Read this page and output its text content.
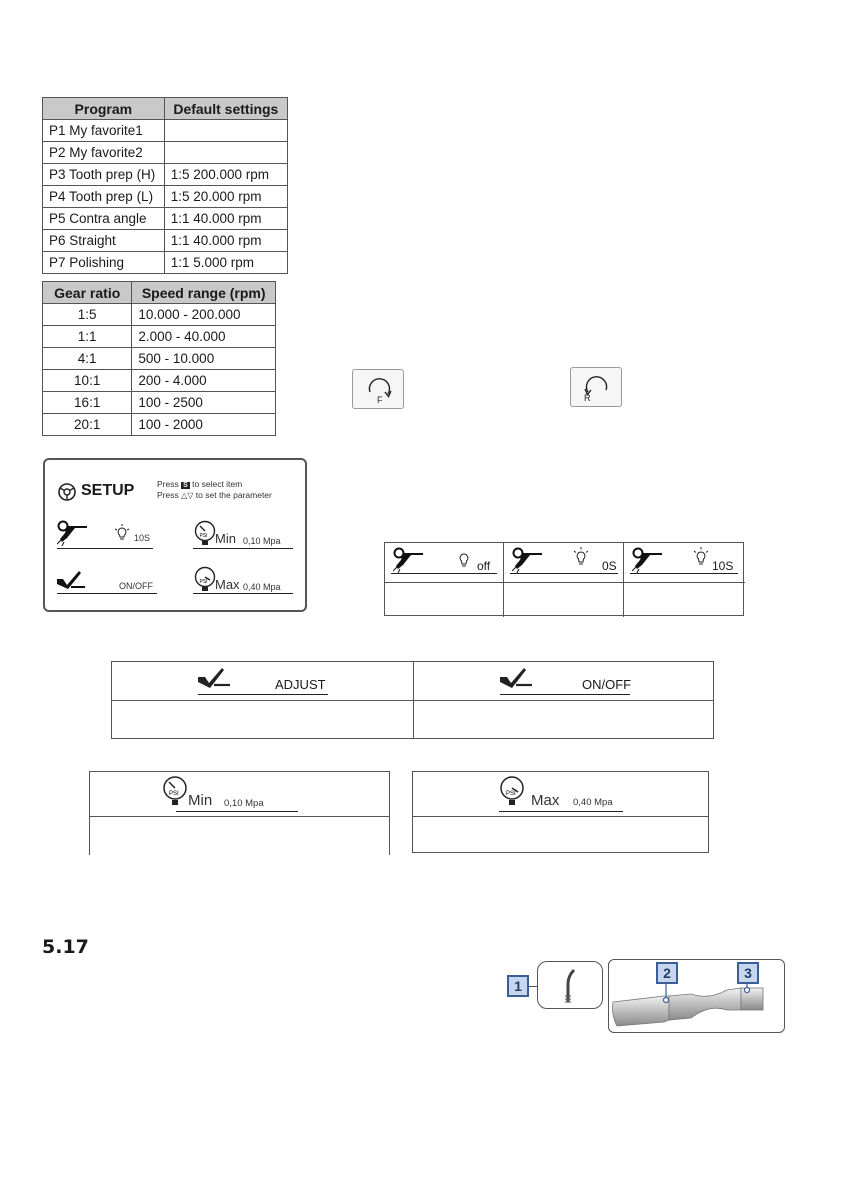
Program	Default settings
P1 My favorite1	
P2 My favorite2	
P3 Tooth prep (H)	1:5 200.000 rpm
P4 Tooth prep (L)	1:5 20.000 rpm
P5 Contra angle	1:1 40.000 rpm
P6 Straight	1:1 40.000 rpm
P7 Polishing	1:1 5.000 rpm
Gear ratio	Speed range (rpm)
1:5	10.000 - 200.000
1:1	2.000 - 40.000
4:1	500 - 10.000
10:1	200 - 4.000
16:1	100 - 2500
20:1	100 - 2000
F	R
SETUP	Press S to select item
Press △▽ to set the parameter
10S	PSI Min 0,10 Mpa
ON/OFF	PSI Max 0,40 Mpa
off	0S	10S
ADJUST	ON/OFF
PSI Min 0,10 Mpa
PSI Max 0,40 Mpa
5.17
1
2	3
